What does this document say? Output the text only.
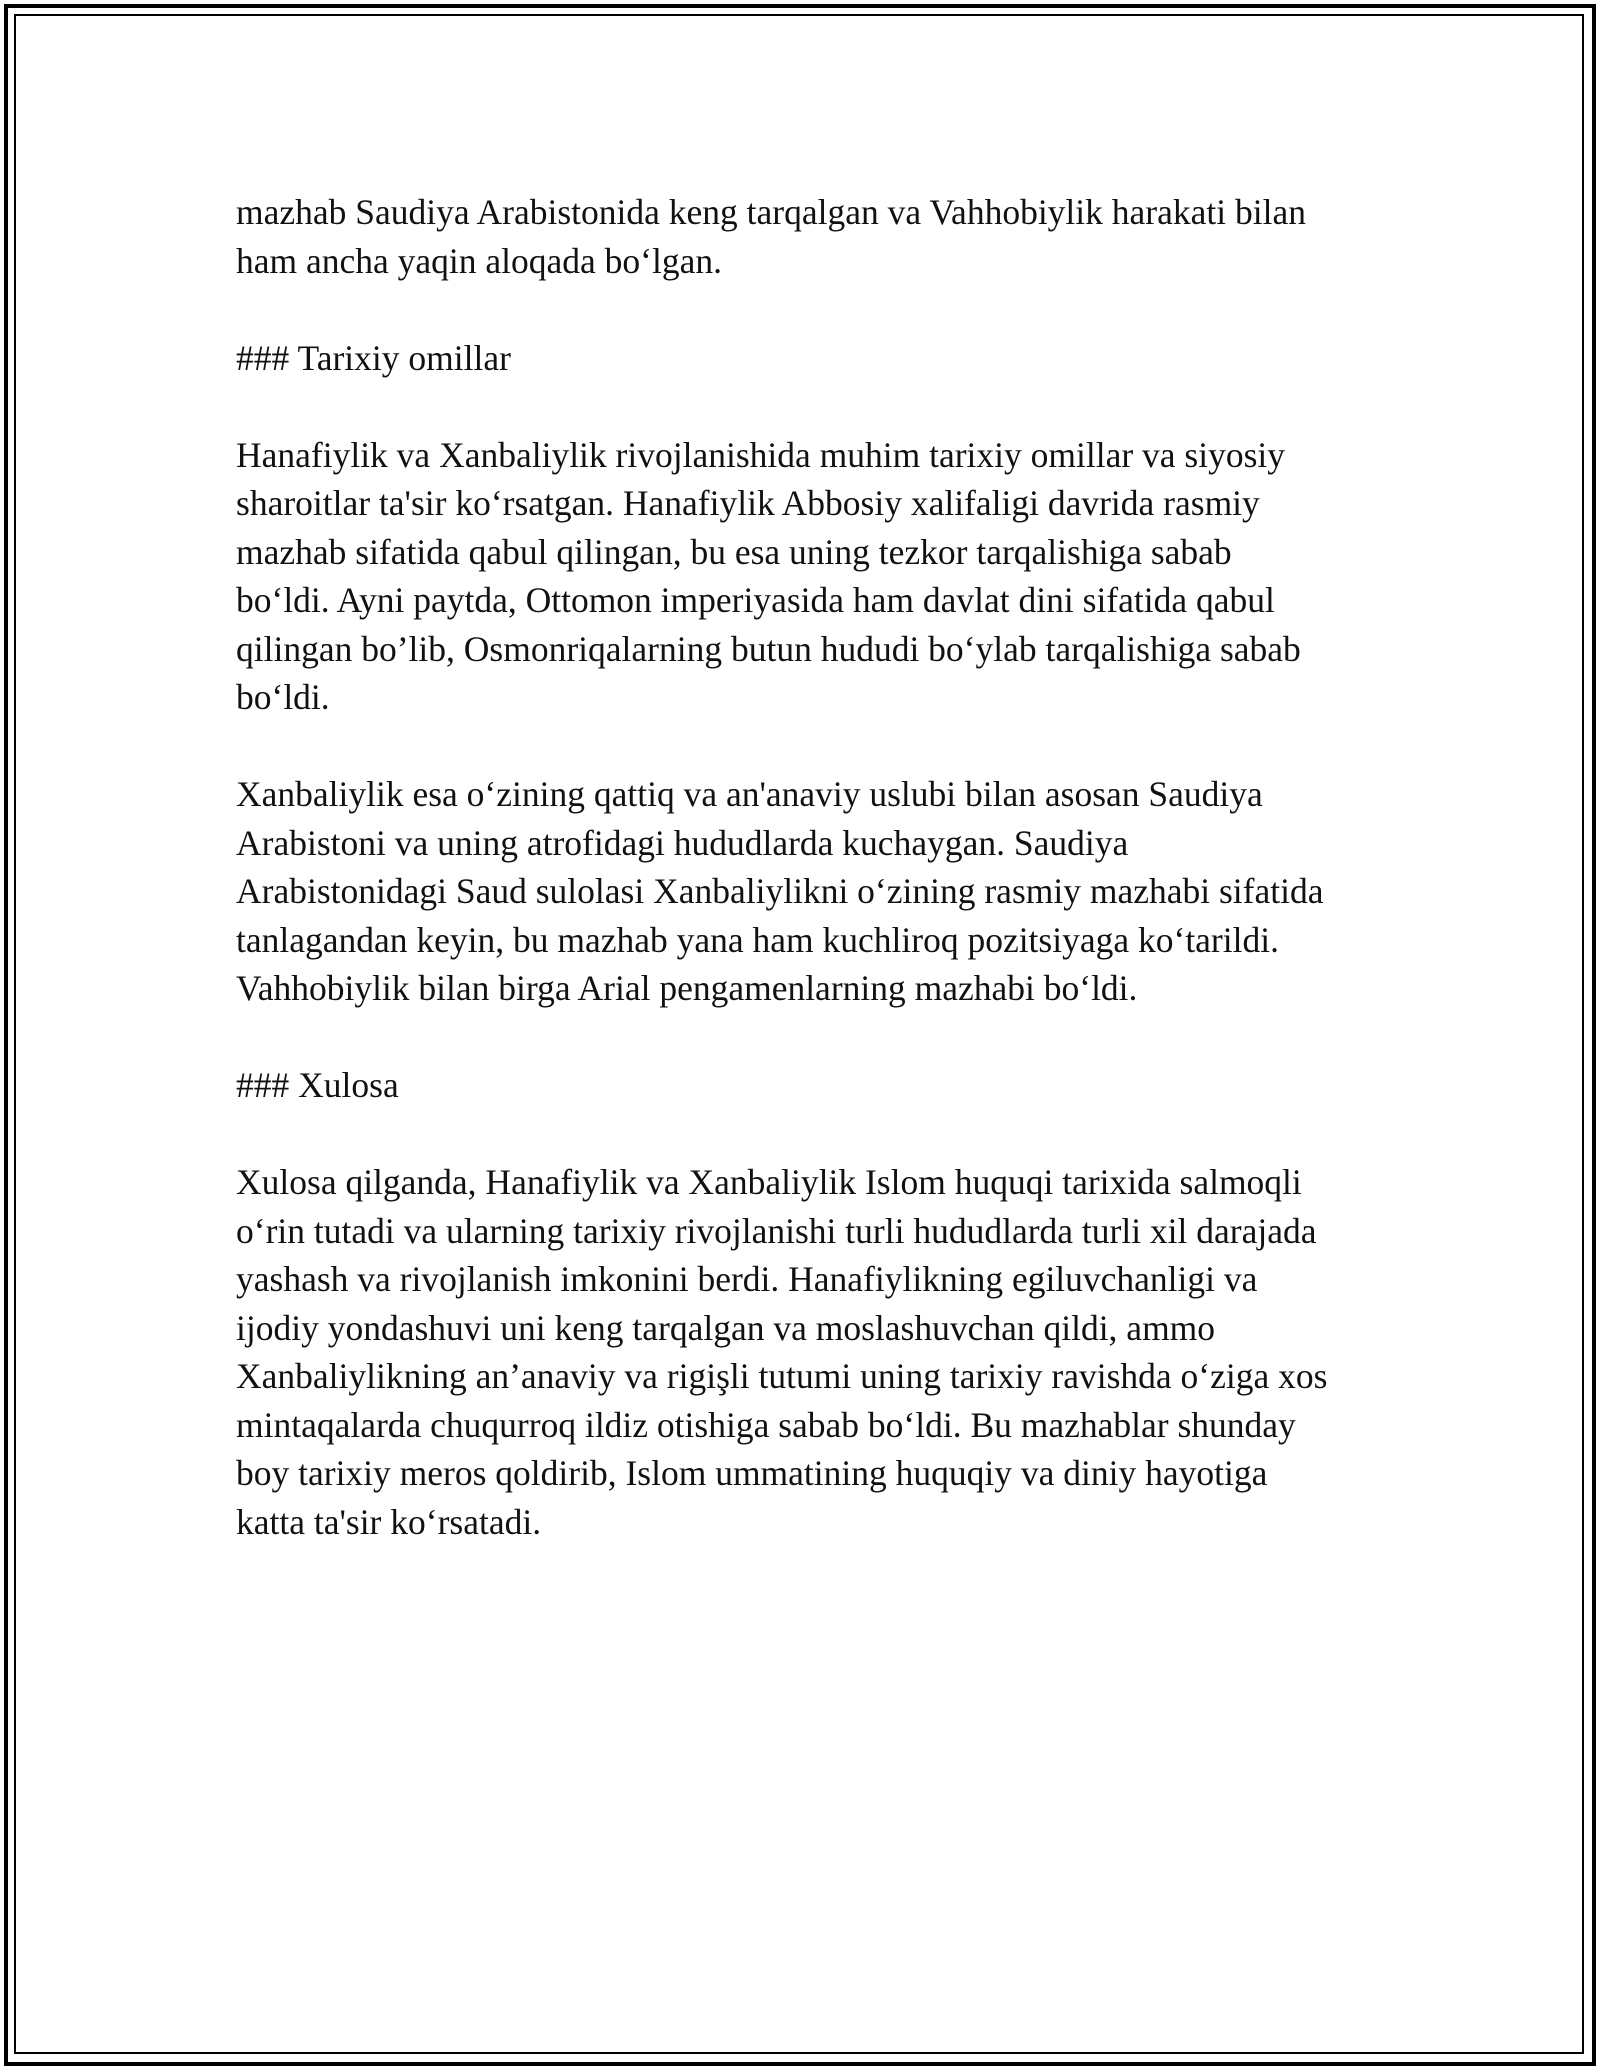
mazhab Saudiya Arabistonida keng tarqalgan va Vahhobiylik harakati bilan
ham ancha yaqin aloqada bo‘lgan.
### Tarixiy omillar
Hanafiylik va Xanbaliylik rivojlanishida muhim tarixiy omillar va siyosiy
sharoitlar ta'sir ko‘rsatgan. Hanafiylik Abbosiy xalifaligi davrida rasmiy
mazhab sifatida qabul qilingan, bu esa uning tezkor tarqalishiga sabab
bo‘ldi. Ayni paytda, Ottomon imperiyasida ham davlat dini sifatida qabul
qilingan bo’lib, Osmonriqalarning butun hududi bo‘ylab tarqalishiga sabab
bo‘ldi.
Xanbaliylik esa o‘zining qattiq va an'anaviy uslubi bilan asosan Saudiya
Arabistoni va uning atrofidagi hududlarda kuchaygan. Saudiya
Arabistonidagi Saud sulolasi Xanbaliylikni o‘zining rasmiy mazhabi sifatida
tanlagandan keyin, bu mazhab yana ham kuchliroq pozitsiyaga ko‘tarildi.
Vahhobiylik bilan birga Arial pengamenlarning mazhabi bo‘ldi.
### Xulosa
Xulosa qilganda, Hanafiylik va Xanbaliylik Islom huquqi tarixida salmoqli
o‘rin tutadi va ularning tarixiy rivojlanishi turli hududlarda turli xil darajada
yashash va rivojlanish imkonini berdi. Hanafiylikning egiluvchanligi va
ijodiy yondashuvi uni keng tarqalgan va moslashuvchan qildi, ammo
Xanbaliylikning an’anaviy va rigişli tutumi uning tarixiy ravishda o‘ziga xos
mintaqalarda chuqurroq ildiz otishiga sabab bo‘ldi. Bu mazhablar shunday
boy tarixiy meros qoldirib, Islom ummatining huquqiy va diniy hayotiga
katta ta'sir ko‘rsatadi.
